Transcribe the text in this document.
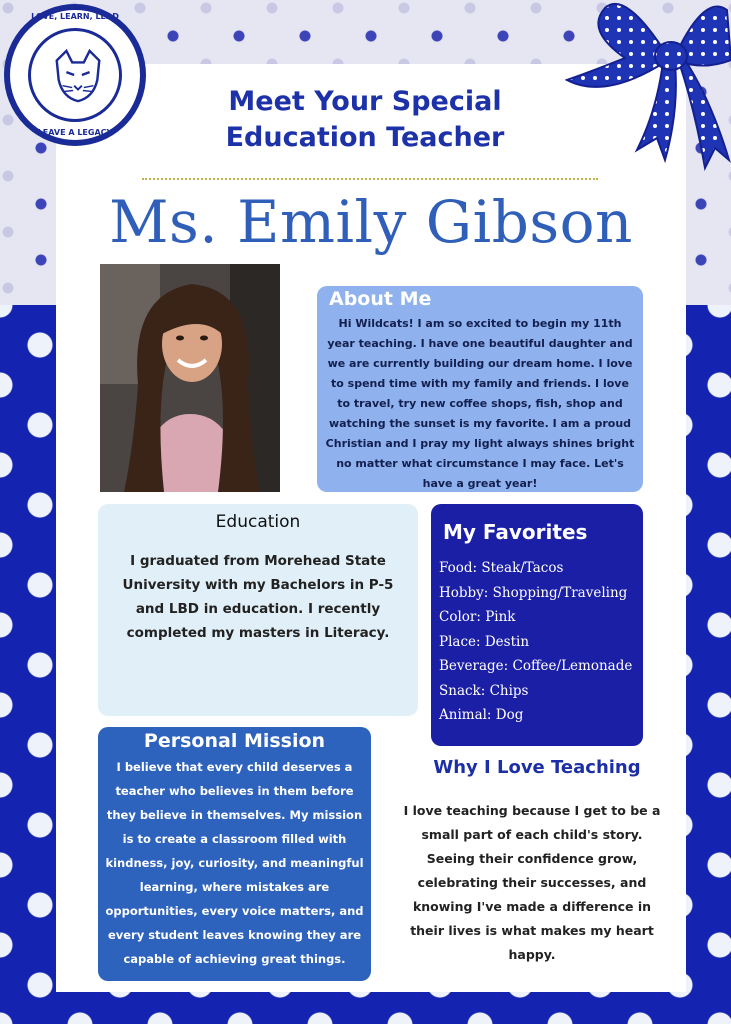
LOVE, LEARN, LEAD
LEAVE A LEGACY
Meet Your Special
Education Teacher
Ms. Emily Gibson
About Me
Hi Wildcats! I am so excited to begin my 11th year teaching. I have one beautiful daughter and we are currently building our dream home. I love to spend time with my family and friends. I love to travel, try new coffee shops, fish, shop and watching the sunset is my favorite. I am a proud Christian and I pray my light always shines bright no matter what circumstance I may face. Let's have a great year!
Education
I graduated from Morehead State University with my Bachelors in P-5 and LBD in education. I recently completed my masters in Literacy.
My Favorites
Food: Steak/Tacos
Hobby: Shopping/Traveling
Color: Pink
Place: Destin
Beverage: Coffee/Lemonade
Snack: Chips
Animal: Dog
Personal Mission
I believe that every child deserves a teacher who believes in them before they believe in themselves. My mission is to create a classroom filled with kindness, joy, curiosity, and meaningful learning, where mistakes are opportunities, every voice matters, and every student leaves knowing they are capable of achieving great things.
Why I Love Teaching
I love teaching because I get to be a small part of each child's story. Seeing their confidence grow, celebrating their successes, and knowing I've made a difference in their lives is what makes my heart happy.
